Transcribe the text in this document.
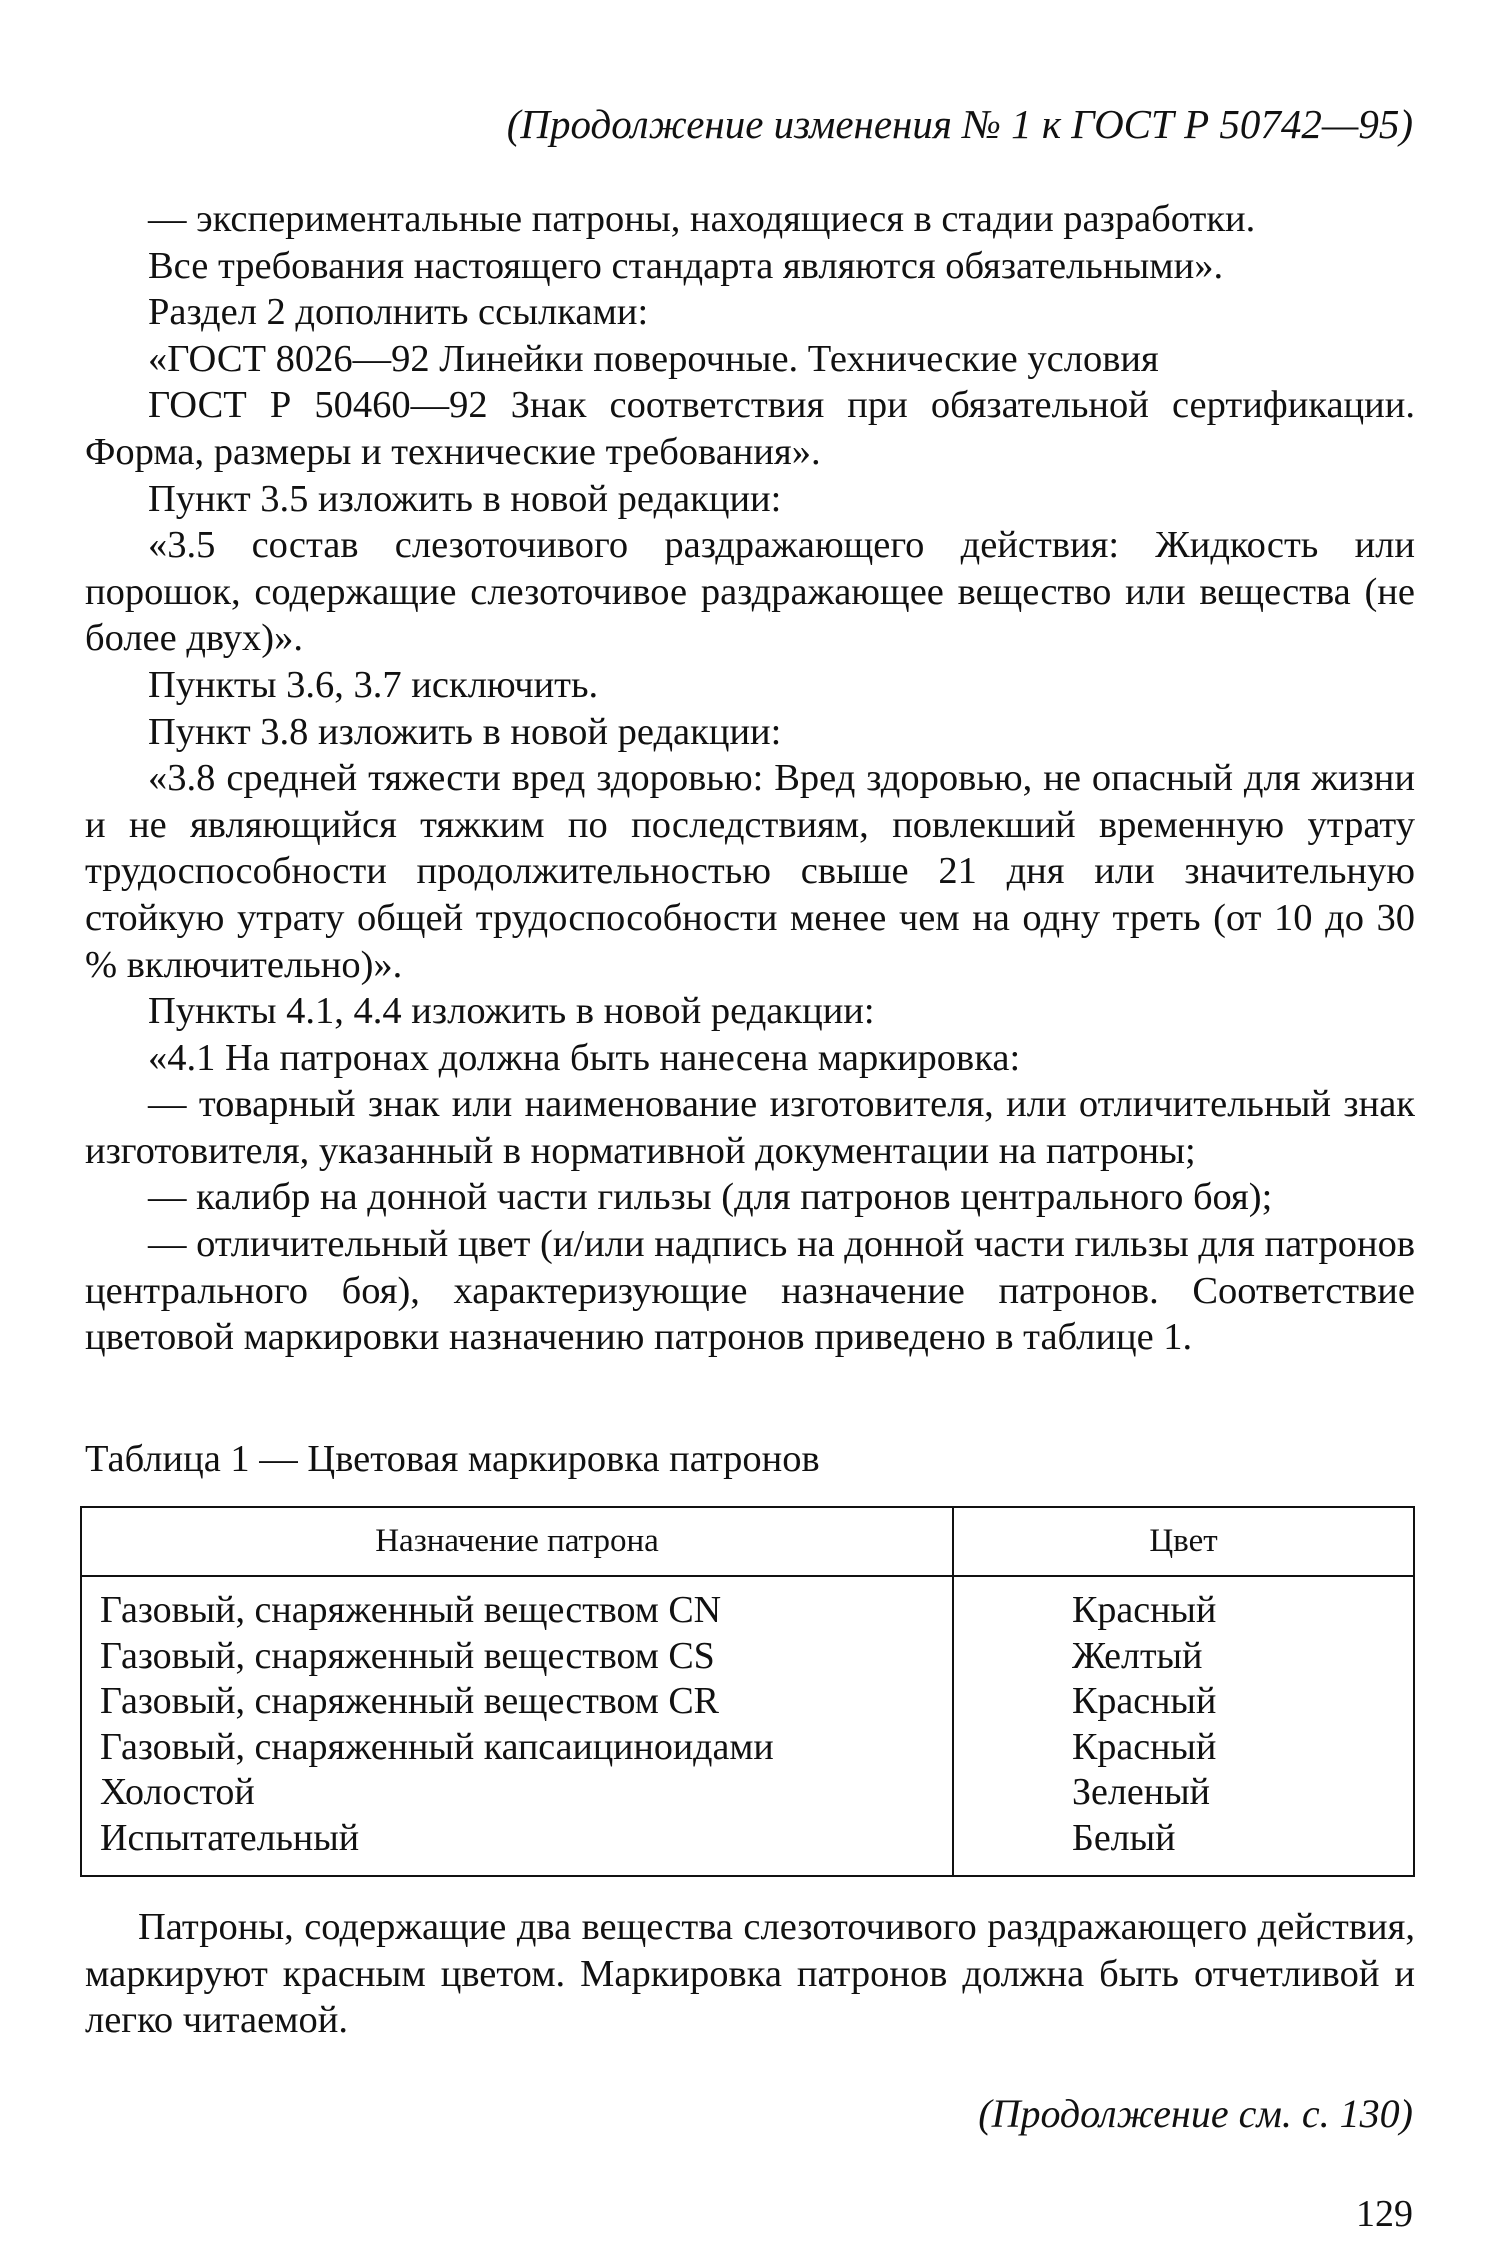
(Продолжение изменения № 1 к ГОСТ Р 50742—95)

— экспериментальные патроны, находящиеся в стадии разработки.

Все требования настоящего стандарта являются обязательными».

Раздел 2 дополнить ссылками:

«ГОСТ 8026—92 Линейки поверочные. Технические условия

ГОСТ Р 50460—92 Знак соответствия при обязательной сертификации. Форма, размеры и технические требования».

Пункт 3.5 изложить в новой редакции:

«3.5 состав слезоточивого раздражающего действия: Жидкость или порошок, содержащие слезоточивое раздражающее вещество или вещества (не более двух)».

Пункты 3.6, 3.7 исключить.

Пункт 3.8 изложить в новой редакции:

«3.8 средней тяжести вред здоровью: Вред здоровью, не опасный для жизни и не являющийся тяжким по последствиям, повлекший временную утрату трудоспособности продолжительностью свыше 21 дня или значительную стойкую утрату общей трудоспособности менее чем на одну треть (от 10 до 30 % включительно)».

Пункты 4.1, 4.4 изложить в новой редакции:

«4.1 На патронах должна быть нанесена маркировка:

— товарный знак или наименование изготовителя, или отличительный знак изготовителя, указанный в нормативной документации на патроны;

— калибр на донной части гильзы (для патронов центрального боя);

— отличительный цвет (и/или надпись на донной части гильзы для патронов центрального боя), характеризующие назначение патронов. Соответствие цветовой маркировки назначению патронов приведено в таблице 1.

Таблица 1 — Цветовая маркировка патронов
Назначение патрона	Цвет
Газовый, снаряженный веществом CN	Красный
Газовый, снаряженный веществом CS	Желтый
Газовый, снаряженный веществом CR	Красный
Газовый, снаряженный капсаициноидами	Красный
Холостой	Зеленый
Испытательный	Белый

Патроны, содержащие два вещества слезоточивого раздражающего действия, маркируют красным цветом. Маркировка патронов должна быть отчетливой и легко читаемой.

(Продолжение см. с. 130)
129
